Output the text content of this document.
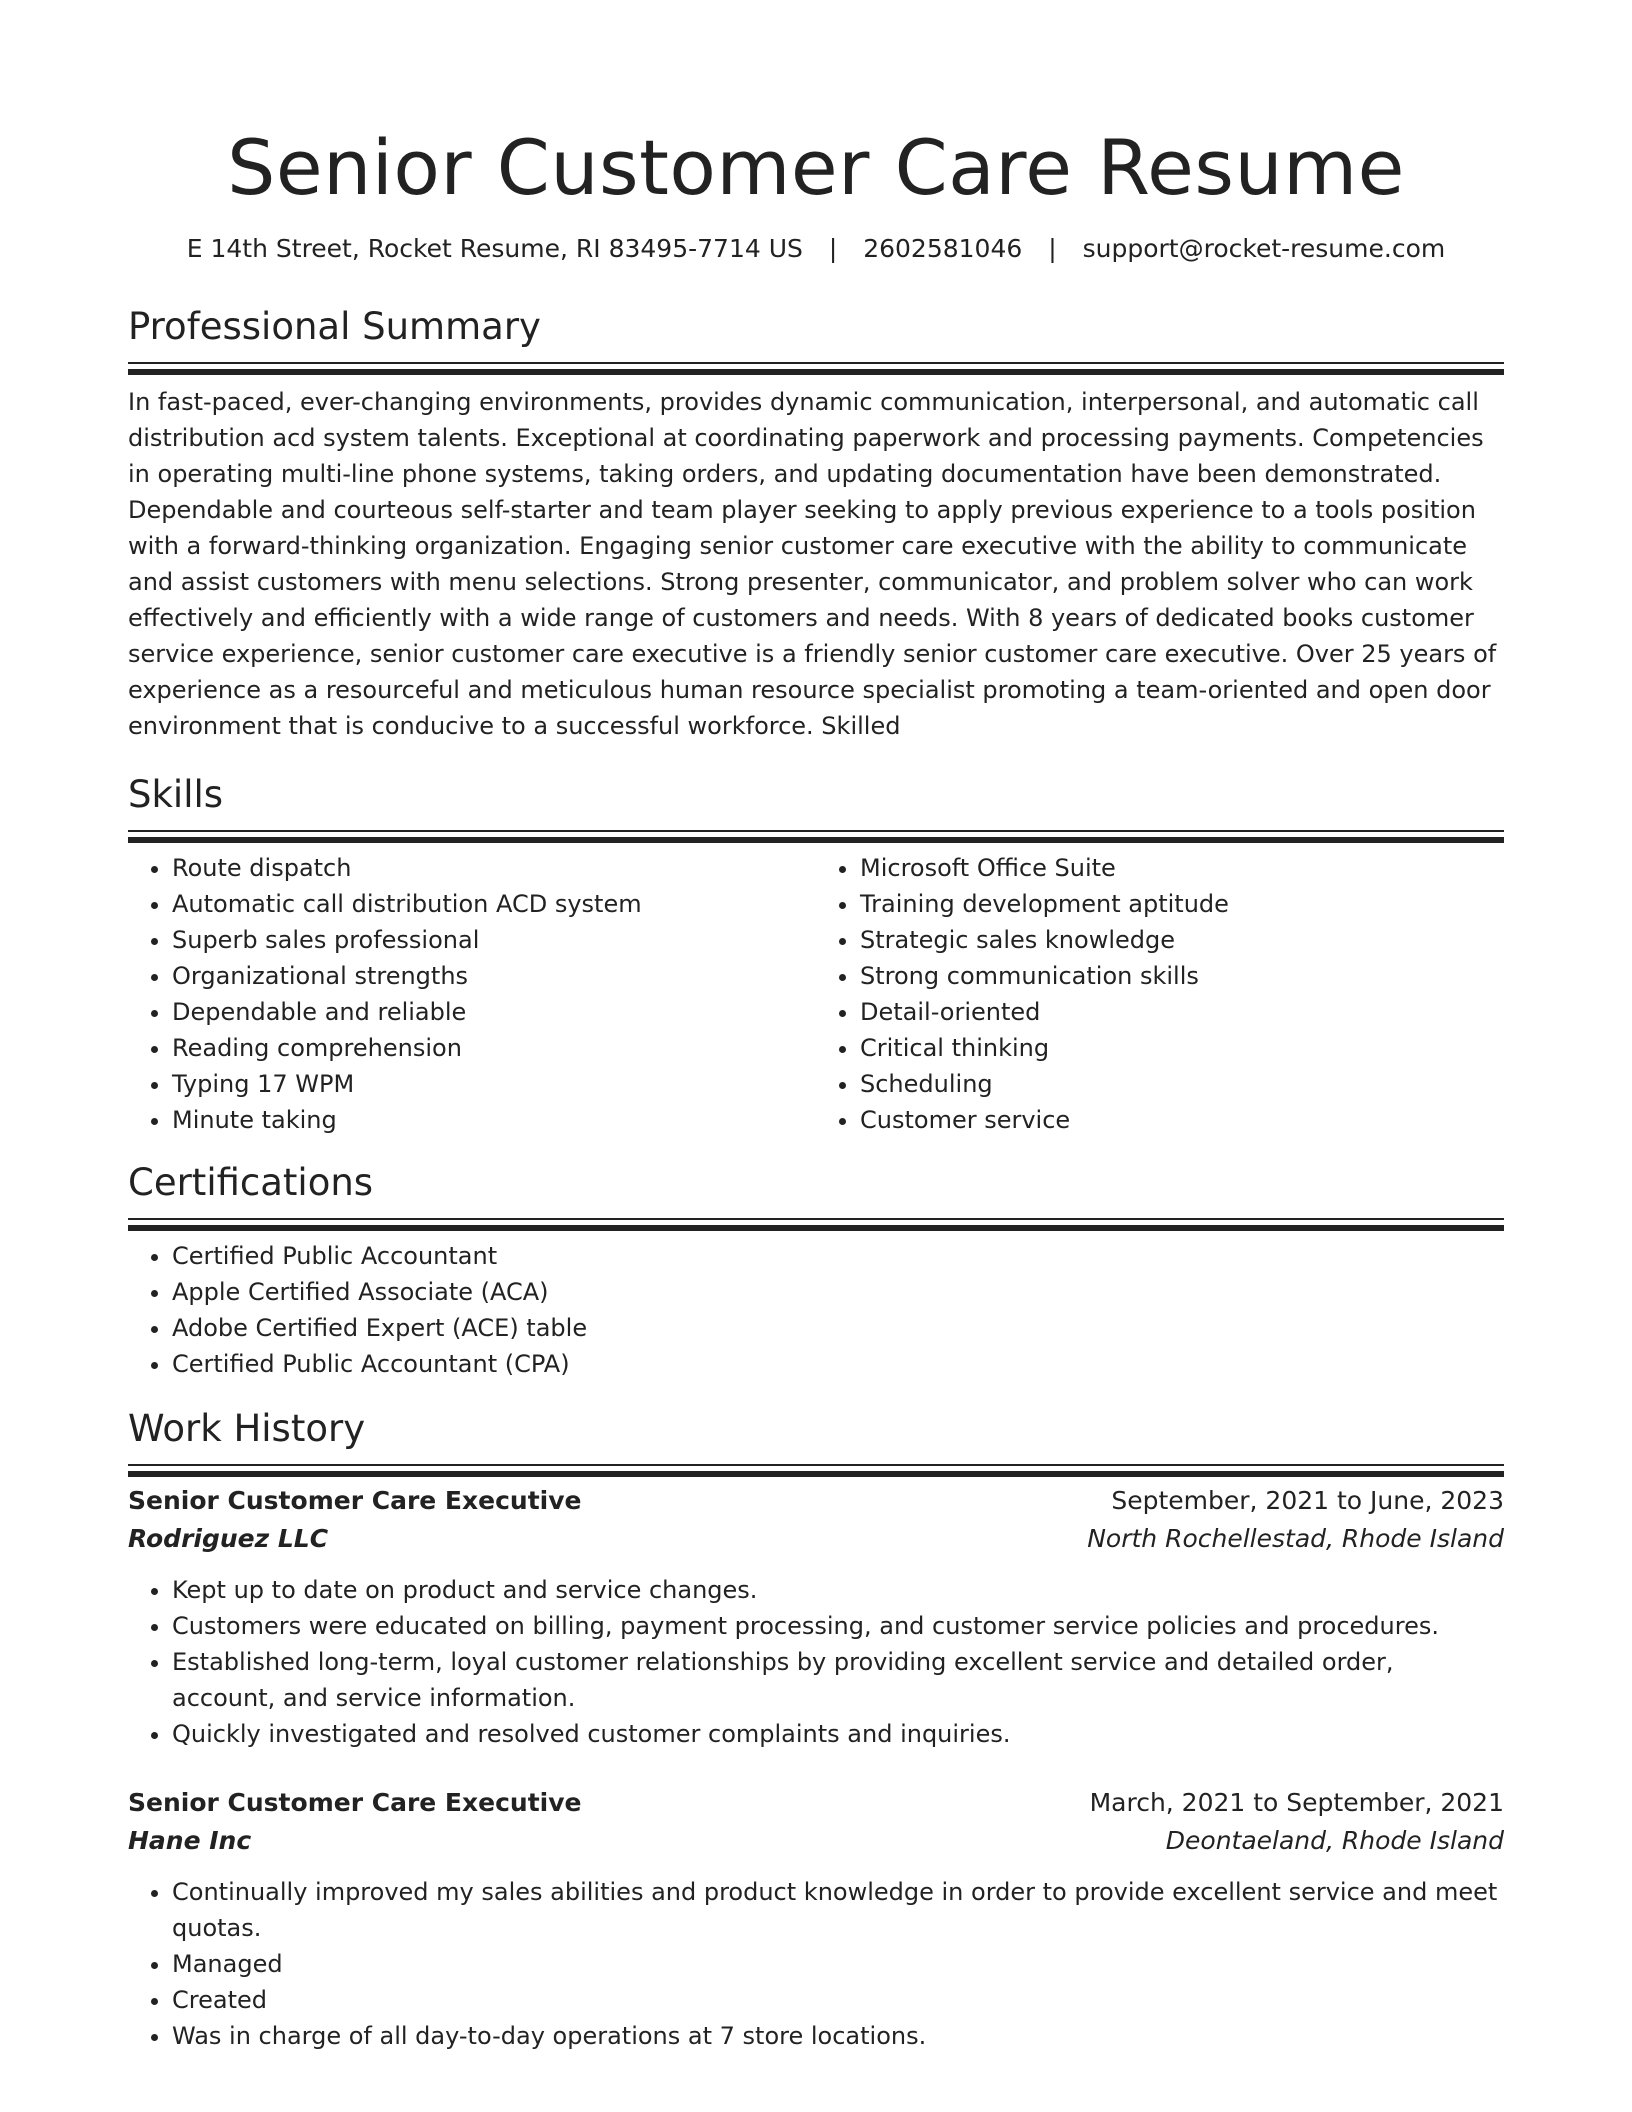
Senior Customer Care Resume
E 14th Street, Rocket Resume, RI 83495-7714 US | 2602581046 | support@rocket-resume.com
Professional Summary

In fast-paced, ever-changing environments, provides dynamic communication, interpersonal, and automatic call distribution acd system talents. Exceptional at coordinating paperwork and processing payments. Competencies in operating multi-line phone systems, taking orders, and updating documentation have been demonstrated. Dependable and courteous self-starter and team player seeking to apply previous experience to a tools position with a forward-thinking organization. Engaging senior customer care executive with the ability to communicate and assist customers with menu selections. Strong presenter, communicator, and problem solver who can work effectively and efficiently with a wide range of customers and needs. With 8 years of dedicated books customer service experience, senior customer care executive is a friendly senior customer care executive. Over 25 years of experience as a resourceful and meticulous human resource specialist promoting a team-oriented and open door environment that is conducive to a successful workforce. Skilled

Skills
• Route dispatch
• Automatic call distribution ACD system
• Superb sales professional
• Organizational strengths
• Dependable and reliable
• Reading comprehension
• Typing 17 WPM
• Minute taking
• Microsoft Office Suite
• Training development aptitude
• Strategic sales knowledge
• Strong communication skills
• Detail-oriented
• Critical thinking
• Scheduling
• Customer service
Certifications
• Certified Public Accountant
• Apple Certified Associate (ACA)
• Adobe Certified Expert (ACE) table
• Certified Public Accountant (CPA)
Work History
Senior Customer Care Executive	September, 2021 to June, 2023
Rodriguez LLC	North Rochellestad, Rhode Island
• Kept up to date on product and service changes.
• Customers were educated on billing, payment processing, and customer service policies and procedures.
• Established long-term, loyal customer relationships by providing excellent service and detailed order, account, and service information.
• Quickly investigated and resolved customer complaints and inquiries.
Senior Customer Care Executive	March, 2021 to September, 2021
Hane Inc	Deontaeland, Rhode Island
• Continually improved my sales abilities and product knowledge in order to provide excellent service and meet quotas.
• Managed
• Created
• Was in charge of all day-to-day operations at 7 store locations.
